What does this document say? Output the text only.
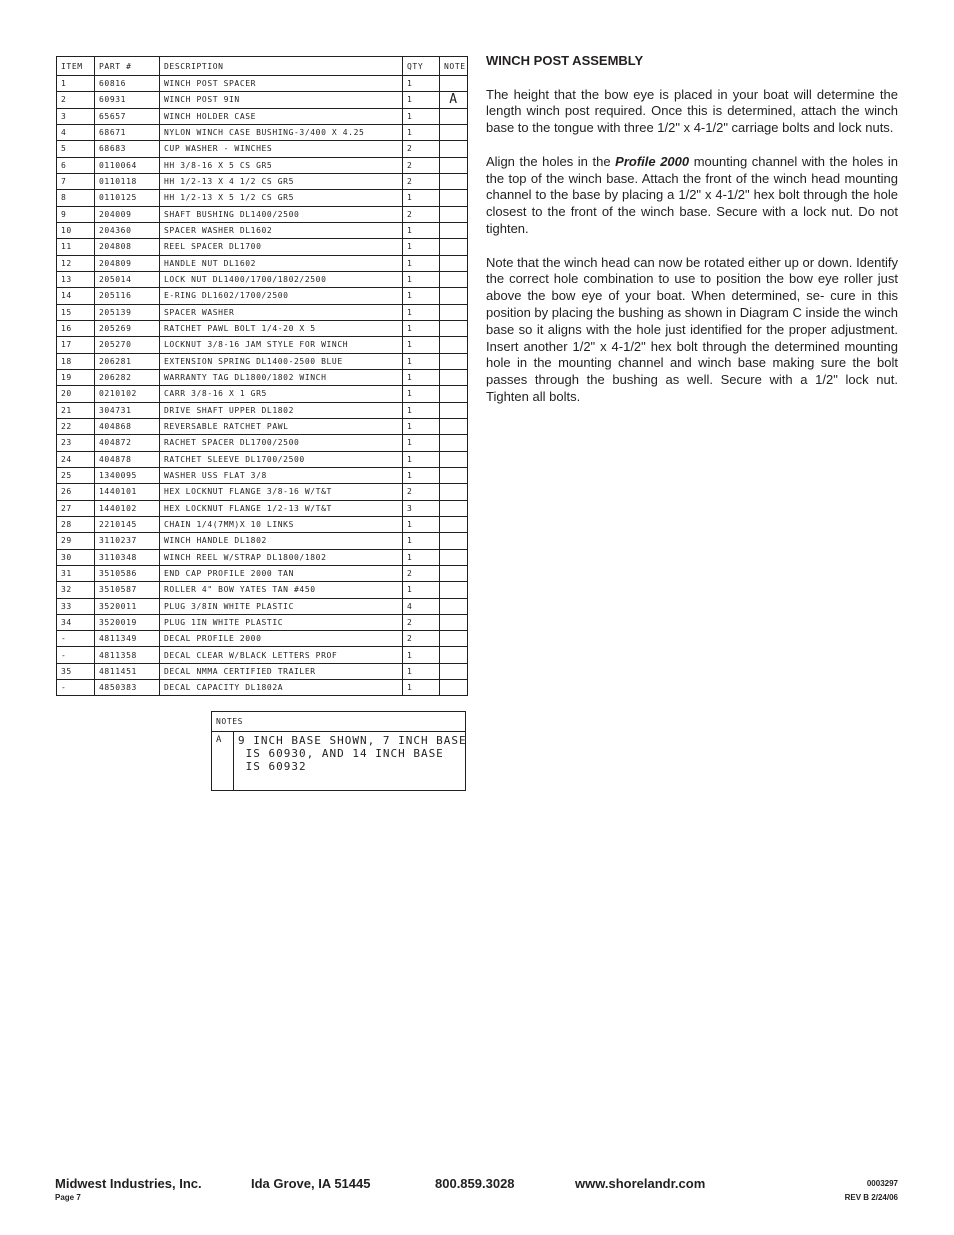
ITEM	PART #	DESCRIPTION	QTY	NOTE
1	60816	WINCH POST SPACER	1	
2	60931	WINCH POST 9IN	1	A
3	65657	WINCH HOLDER CASE	1	
4	68671	NYLON WINCH CASE BUSHING-3/400 X 4.25	1	
5	68683	CUP WASHER - WINCHES	2	
6	0110064	HH 3/8-16 X 5 CS GR5	2	
7	0110118	HH 1/2-13 X 4 1/2 CS GR5	2	
8	0110125	HH 1/2-13 X 5 1/2 CS GR5	1	
9	204009	SHAFT BUSHING DL1400/2500	2	
10	204360	SPACER WASHER DL1602	1	
11	204808	REEL SPACER DL1700	1	
12	204809	HANDLE NUT DL1602	1	
13	205014	LOCK NUT DL1400/1700/1802/2500	1	
14	205116	E-RING DL1602/1700/2500	1	
15	205139	SPACER WASHER	1	
16	205269	RATCHET PAWL BOLT 1/4-20 X 5	1	
17	205270	LOCKNUT 3/8-16 JAM STYLE FOR WINCH	1	
18	206281	EXTENSION SPRING DL1400-2500 BLUE	1	
19	206282	WARRANTY TAG DL1800/1802 WINCH	1	
20	0210102	CARR 3/8-16 X 1 GR5	1	
21	304731	DRIVE SHAFT UPPER DL1802	1	
22	404868	REVERSABLE RATCHET PAWL	1	
23	404872	RACHET SPACER DL1700/2500	1	
24	404878	RATCHET SLEEVE DL1700/2500	1	
25	1340095	WASHER USS FLAT 3/8	1	
26	1440101	HEX LOCKNUT FLANGE 3/8-16 W/T&T	2	
27	1440102	HEX LOCKNUT FLANGE 1/2-13 W/T&T	3	
28	2210145	CHAIN 1/4(7MM)X 10 LINKS	1	
29	3110237	WINCH HANDLE DL1802	1	
30	3110348	WINCH REEL W/STRAP DL1800/1802	1	
31	3510586	END CAP PROFILE 2000 TAN	2	
32	3510587	ROLLER 4" BOW YATES TAN #450	1	
33	3520011	PLUG 3/8IN WHITE PLASTIC	4	
34	3520019	PLUG 1IN WHITE PLASTIC	2	
-	4811349	DECAL PROFILE 2000	2	
-	4811358	DECAL CLEAR W/BLACK LETTERS PROF	1	
35	4811451	DECAL NMMA CERTIFIED TRAILER	1	
-	4850383	DECAL CAPACITY DL1802A	1	
NOTES
A	9 INCH BASE SHOWN, 7 INCH BASE
IS 60930, AND 14 INCH BASE
IS 60932
WINCH POST ASSEMBLY

The height that the bow eye is placed in your boat will determine the length winch post required. Once this is determined, attach the winch base to the tongue with three 1/2" x 4-1/2" carriage bolts and lock nuts.

Align the holes in the Profile 2000 mounting channel with the holes in the top of the winch base. Attach the front of the winch head mounting channel to the base by placing a 1/2" x 4-1/2" hex bolt through the hole closest to the front of the winch base. Secure with a lock nut. Do not tighten.

Note that the winch head can now be rotated either up or down. Identify the correct hole combination to use to position the bow eye roller just above the bow eye of your boat. When determined, se- cure in this position by placing the bushing as shown in Diagram C inside the winch base so it aligns with the hole just identified for the proper adjustment. Insert another 1/2" x 4-1/2" hex bolt through the determined mounting hole in the mounting channel and winch base making sure the bolt passes through the bushing as well. Secure with a 1/2" lock nut. Tighten all bolts.

Midwest Industries, Inc.	Ida Grove, IA 51445	800.859.3028	www.shorelandr.com
Page 7
0003297
REV B 2/24/06
